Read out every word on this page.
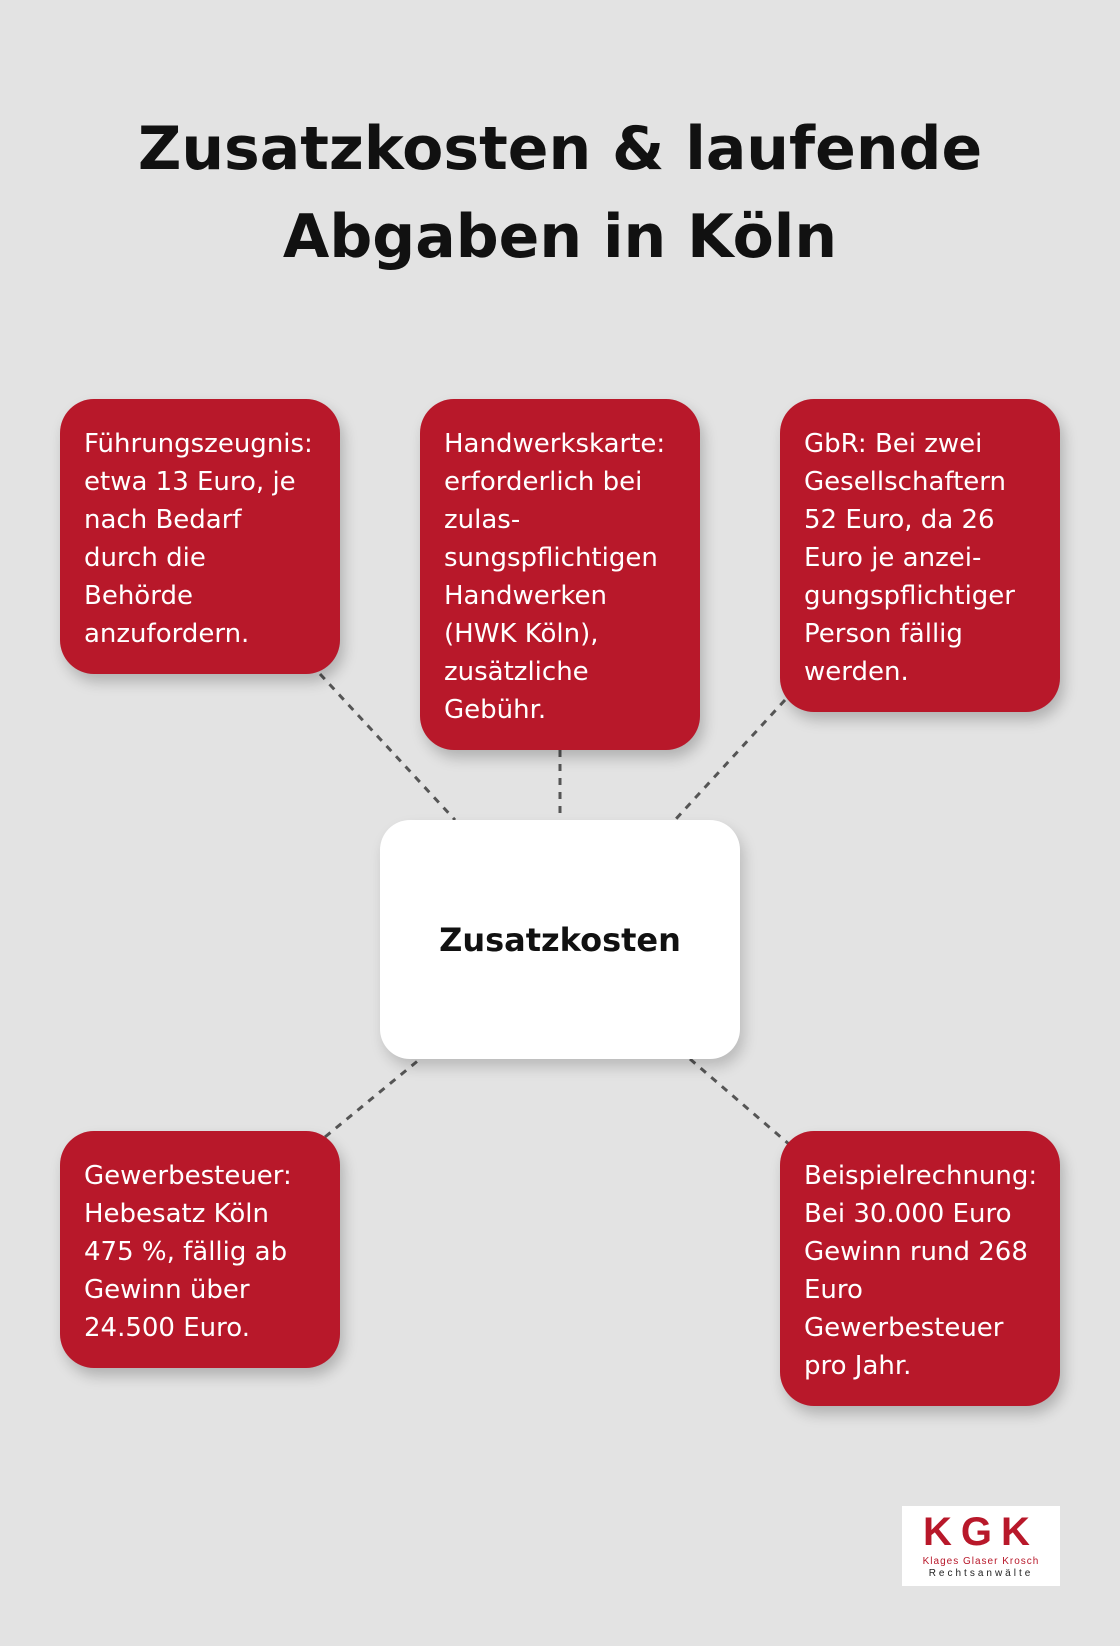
Zusatzkosten & laufende
Abgaben in Köln
Führungszeugnis: etwa 13 Euro, je nach Bedarf durch die Behörde anzufordern.
Handwerkskarte: erforderlich bei zulassungspflichtigen Handwerken (HWK Köln), zusätzliche Gebühr.
GbR: Bei zwei Gesellschaftern 52 Euro, da 26 Euro je anzeigungspflichtiger Person fällig werden.
Gewerbesteuer: Hebesatz Köln 475 %, fällig ab Gewinn über 24.500 Euro.
Beispielrechnung: Bei 30.000 Euro Gewinn rund 268 Euro Gewerbesteuer pro Jahr.
Zusatzkosten
KGK
Klages Glaser Krosch
Rechtsanwälte
